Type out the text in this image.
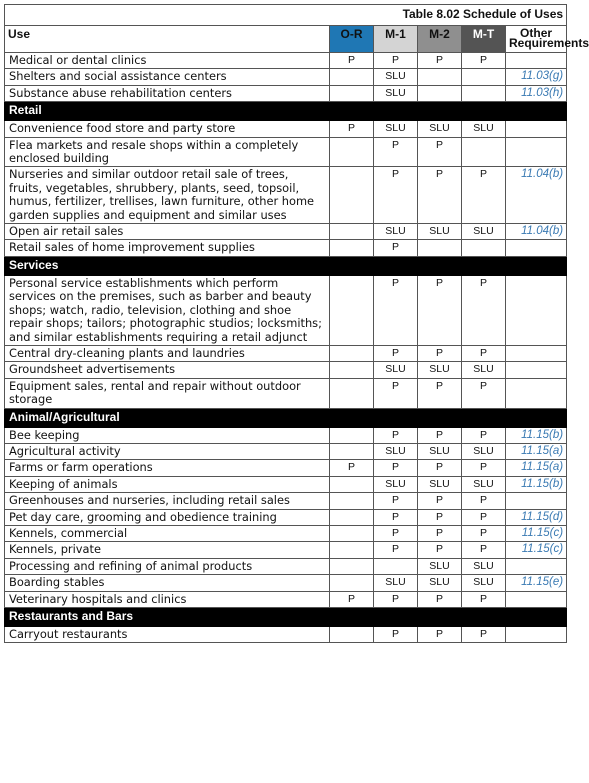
Table 8.02 Schedule of Uses					
Use	O-R	M-1	M-2	M-T	Other Requirements
Medical or dental clinics	P	P	P	P	
Shelters and social assistance centers		SLU			11.03(g)
Substance abuse rehabilitation centers		SLU			11.03(h)
Retail					
Convenience food store and party store	P	SLU	SLU	SLU	
Flea markets and resale shops within a completely enclosed building		P	P		
Nurseries and similar outdoor retail sale of trees, fruits, vegetables, shrubbery, plants, seed, topsoil, humus, fertilizer, trellises, lawn furniture, other home garden supplies and equipment and similar uses		P	P	P	11.04(b)
Open air retail sales		SLU	SLU	SLU	11.04(b)
Retail sales of home improvement supplies		P			
Services					
Personal service establishments which perform services on the premises, such as barber and beauty shops; watch, radio, television, clothing and shoe repair shops; tailors; photographic studios; locksmiths; and similar establishments requiring a retail adjunct		P	P	P	
Central dry-cleaning plants and laundries		P	P	P	
Groundsheet advertisements		SLU	SLU	SLU	
Equipment sales, rental and repair without outdoor storage		P	P	P	
Animal/Agricultural					
Bee keeping		P	P	P	11.15(b)
Agricultural activity		SLU	SLU	SLU	11.15(a)
Farms or farm operations	P	P	P	P	11.15(a)
Keeping of animals		SLU	SLU	SLU	11.15(b)
Greenhouses and nurseries, including retail sales		P	P	P	
Pet day care, grooming and obedience training		P	P	P	11.15(d)
Kennels, commercial		P	P	P	11.15(c)
Kennels, private		P	P	P	11.15(c)
Processing and refining of animal products			SLU	SLU	
Boarding stables		SLU	SLU	SLU	11.15(e)
Veterinary hospitals and clinics	P	P	P	P	
Restaurants and Bars					
Carryout restaurants		P	P	P	
